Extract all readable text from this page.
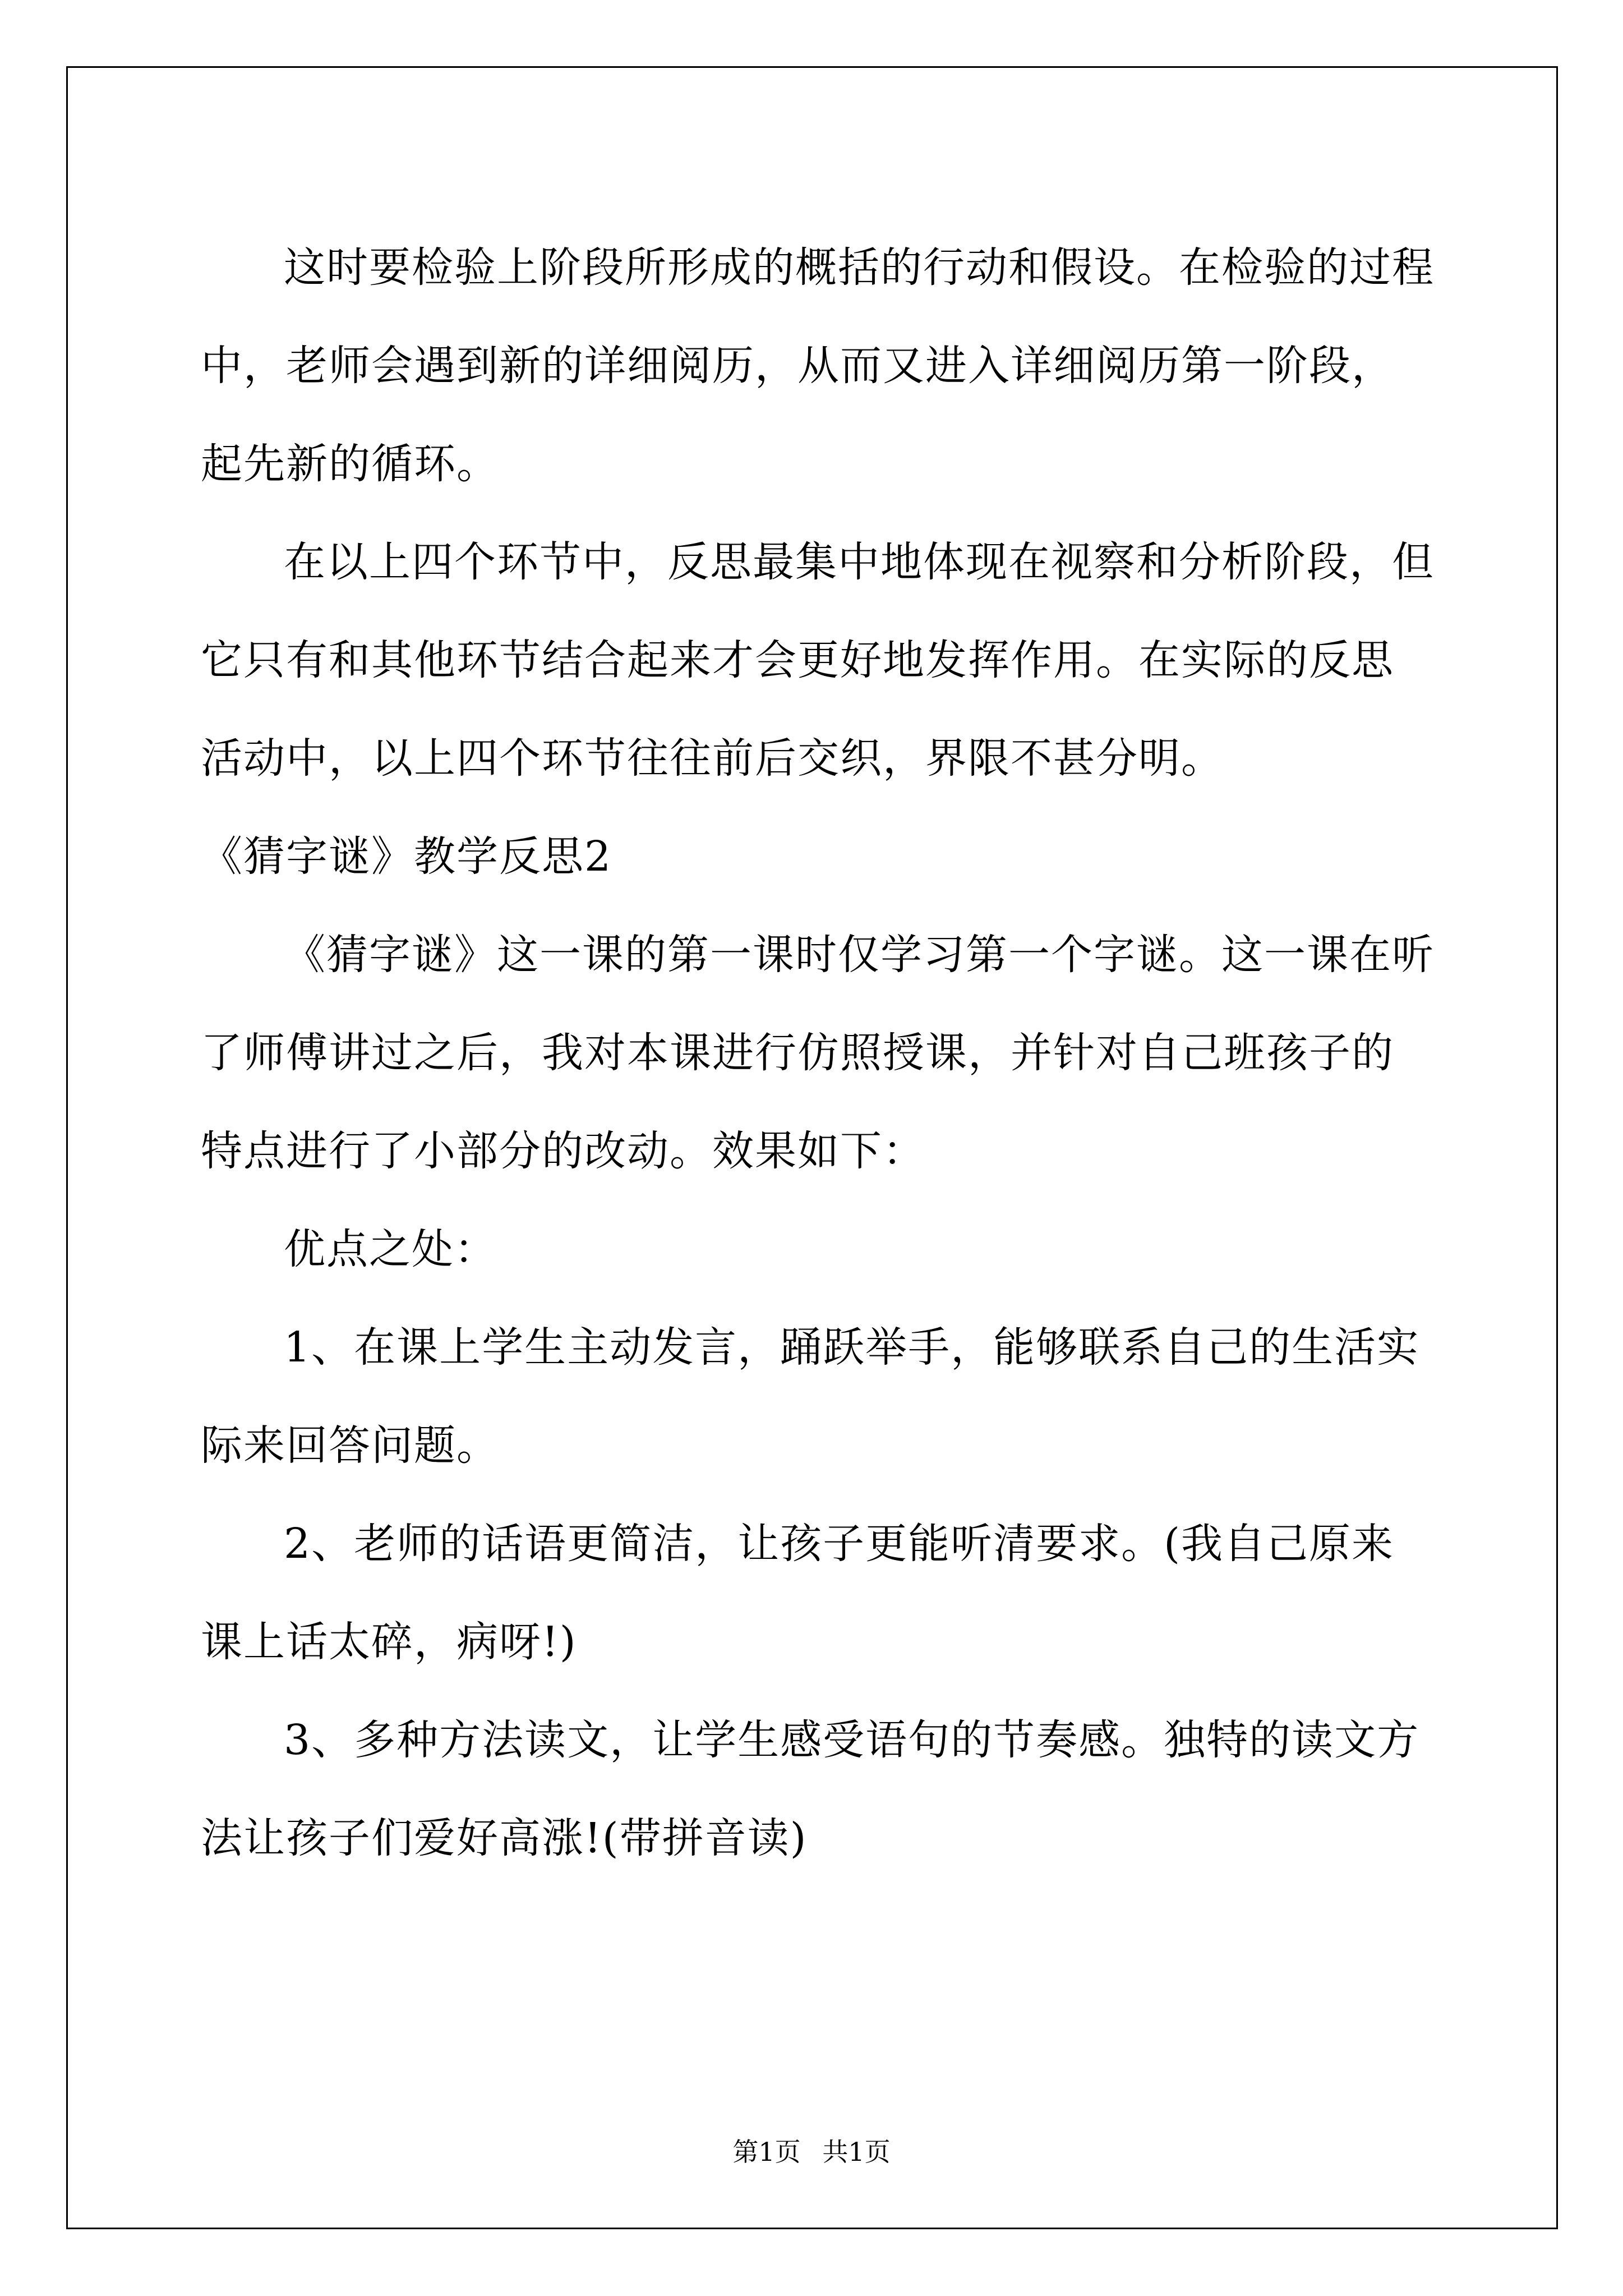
这时要检验上阶段所形成的概括的行动和假设。在检验的过程中，老师会遇到新的详细阅历，从而又进入详细阅历第一阶段，起先新的循环。

在以上四个环节中，反思最集中地体现在视察和分析阶段，但它只有和其他环节结合起来才会更好地发挥作用。在实际的反思活动中，以上四个环节往往前后交织，界限不甚分明。

《猜字谜》教学反思2

《猜字谜》这一课的第一课时仅学习第一个字谜。这一课在听了师傅讲过之后，我对本课进行仿照授课，并针对自己班孩子的特点进行了小部分的改动。效果如下：

优点之处：

1、在课上学生主动发言，踊跃举手，能够联系自己的生活实际来回答问题。

2、老师的话语更简洁，让孩子更能听清要求。(我自己原来课上话太碎，病呀!)

3、多种方法读文，让学生感受语句的节奏感。独特的读文方法让孩子们爱好高涨!(带拼音读)

第1页 共1页
